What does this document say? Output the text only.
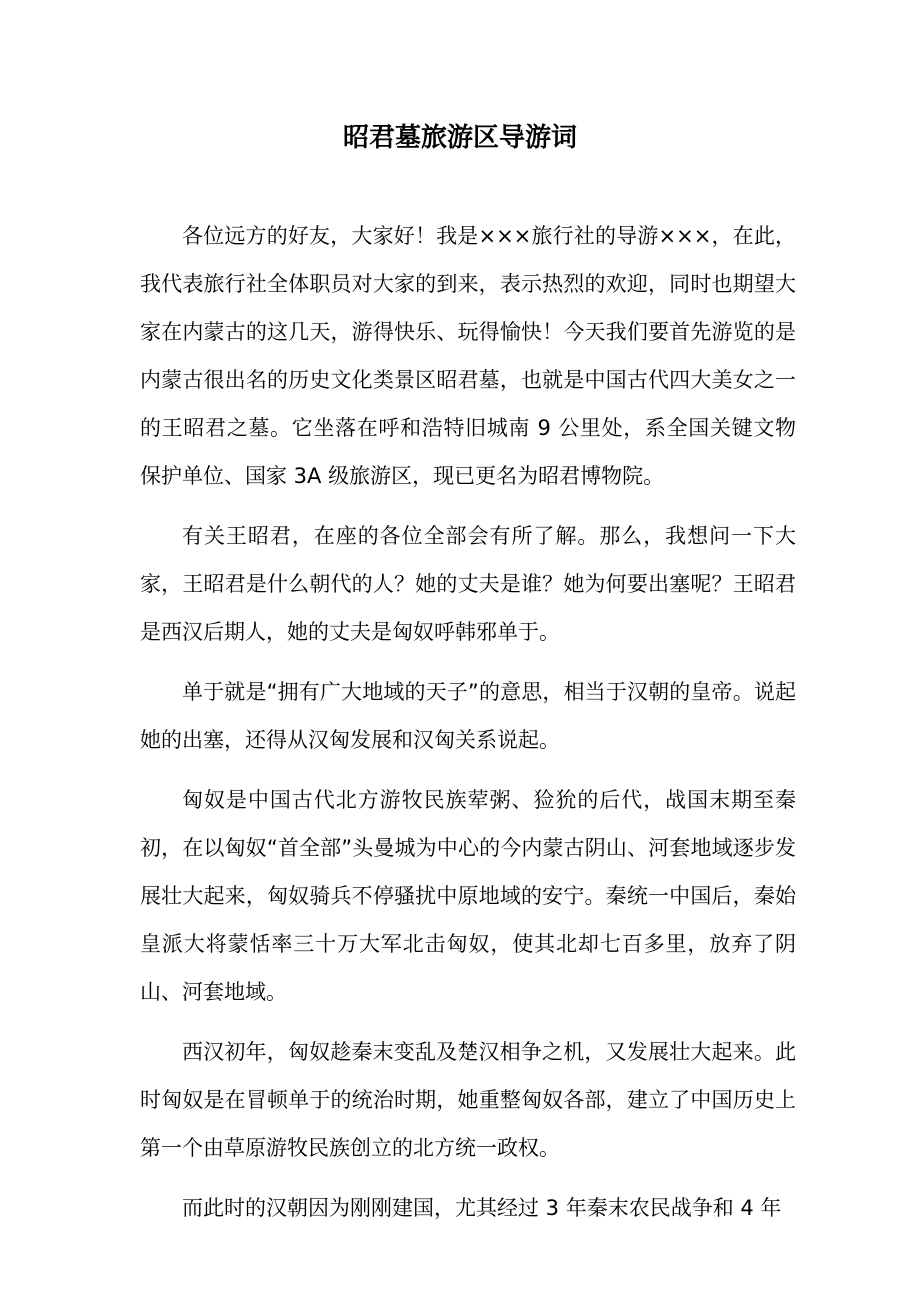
昭君墓旅游区导游词

各位远方的好友，大家好！我是×××旅行社的导游×××，在此，我代表旅行社全体职员对大家的到来，表示热烈的欢迎，同时也期望大家在内蒙古的这几天，游得快乐、玩得愉快！今天我们要首先游览的是内蒙古很出名的历史文化类景区昭君墓，也就是中国古代四大美女之一的王昭君之墓。它坐落在呼和浩特旧城南 9 公里处，系全国关键文物保护单位、国家 3A 级旅游区，现已更名为昭君博物院。

有关王昭君，在座的各位全部会有所了解。那么，我想问一下大家，王昭君是什么朝代的人？她的丈夫是谁？她为何要出塞呢？王昭君是西汉后期人，她的丈夫是匈奴呼韩邪单于。

单于就是“拥有广大地域的天子”的意思，相当于汉朝的皇帝。说起她的出塞，还得从汉匈发展和汉匈关系说起。

匈奴是中国古代北方游牧民族荤粥、猃狁的后代，战国末期至秦初，在以匈奴“首全部”头曼城为中心的今内蒙古阴山、河套地域逐步发展壮大起来，匈奴骑兵不停骚扰中原地域的安宁。秦统一中国后，秦始皇派大将蒙恬率三十万大军北击匈奴，使其北却七百多里，放弃了阴山、河套地域。

西汉初年，匈奴趁秦末变乱及楚汉相争之机，又发展壮大起来。此时匈奴是在冒顿单于的统治时期，她重整匈奴各部，建立了中国历史上第一个由草原游牧民族创立的北方统一政权。

而此时的汉朝因为刚刚建国，尤其经过 3 年秦末农民战争和 4 年
